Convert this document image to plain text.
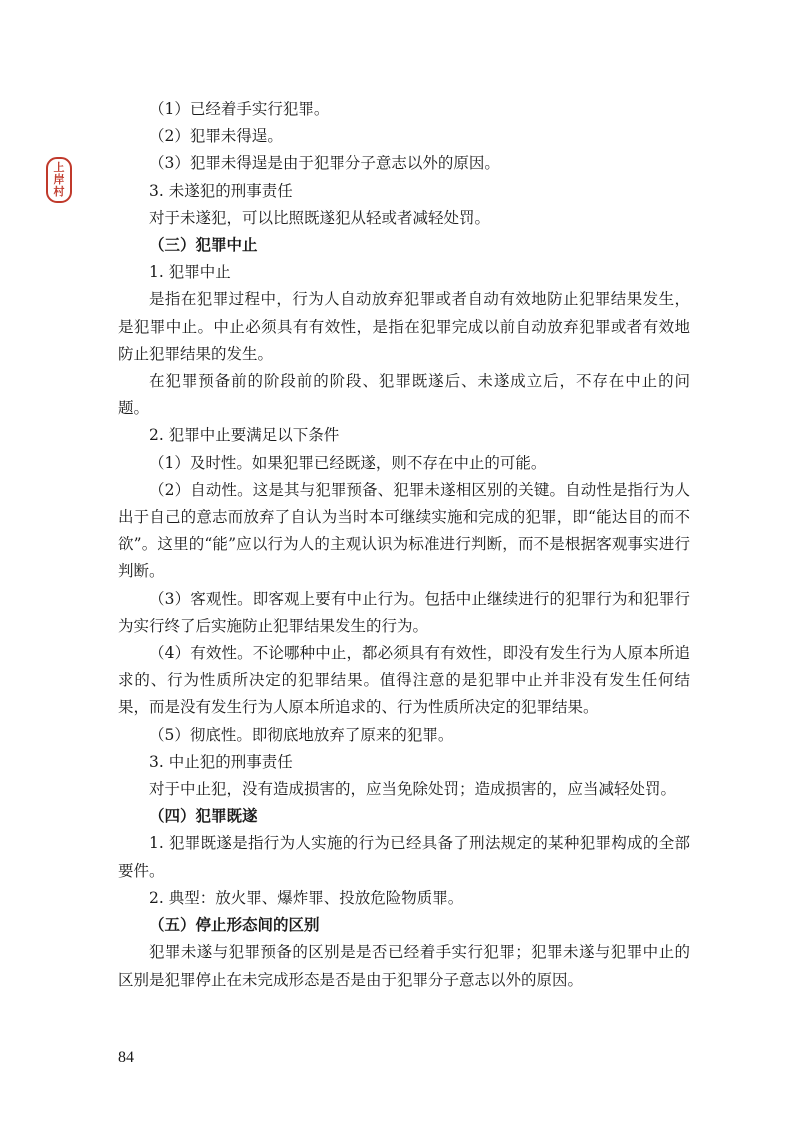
上
岸
村

（1）已经着手实行犯罪。

（2）犯罪未得逞。

（3）犯罪未得逞是由于犯罪分子意志以外的原因。

3. 未遂犯的刑事责任

对于未遂犯，可以比照既遂犯从轻或者减轻处罚。

（三）犯罪中止

1. 犯罪中止

是指在犯罪过程中，行为人自动放弃犯罪或者自动有效地防止犯罪结果发生，是犯罪中止。中止必须具有有效性，是指在犯罪完成以前自动放弃犯罪或者有效地防止犯罪结果的发生。

在犯罪预备前的阶段前的阶段、犯罪既遂后、未遂成立后，不存在中止的问题。

2. 犯罪中止要满足以下条件

（1）及时性。如果犯罪已经既遂，则不存在中止的可能。

（2）自动性。这是其与犯罪预备、犯罪未遂相区别的关键。自动性是指行为人出于自己的意志而放弃了自认为当时本可继续实施和完成的犯罪，即“能达目的而不欲”。这里的“能”应以行为人的主观认识为标准进行判断，而不是根据客观事实进行判断。

（3）客观性。即客观上要有中止行为。包括中止继续进行的犯罪行为和犯罪行为实行终了后实施防止犯罪结果发生的行为。

（4）有效性。不论哪种中止，都必须具有有效性，即没有发生行为人原本所追求的、行为性质所决定的犯罪结果。值得注意的是犯罪中止并非没有发生任何结果，而是没有发生行为人原本所追求的、行为性质所决定的犯罪结果。

（5）彻底性。即彻底地放弃了原来的犯罪。

3. 中止犯的刑事责任

对于中止犯，没有造成损害的，应当免除处罚；造成损害的，应当减轻处罚。

（四）犯罪既遂

1. 犯罪既遂是指行为人实施的行为已经具备了刑法规定的某种犯罪构成的全部要件。

2. 典型：放火罪、爆炸罪、投放危险物质罪。

（五）停止形态间的区别

犯罪未遂与犯罪预备的区别是是否已经着手实行犯罪；犯罪未遂与犯罪中止的区别是犯罪停止在未完成形态是否是由于犯罪分子意志以外的原因。

84
